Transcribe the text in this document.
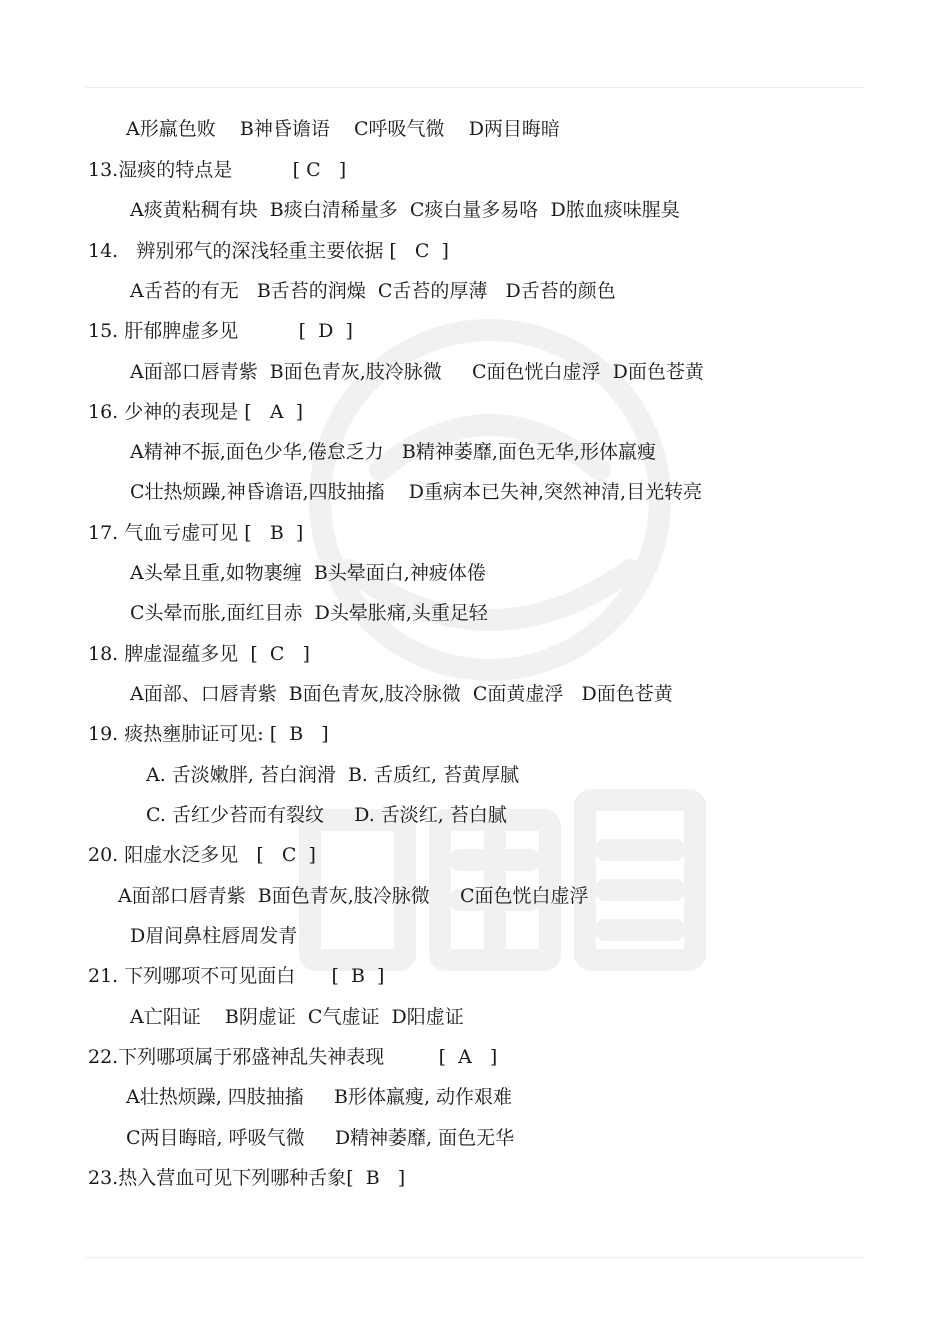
A形羸色败    B神昏谵语    C呼吸气微    D两目晦暗
13.湿痰的特点是          [ C   ]
A痰黄粘稠有块  B痰白清稀量多  C痰白量多易咯  D脓血痰味腥臭
14.   辨别邪气的深浅轻重主要依据 [   C  ]
A舌苔的有无   B舌苔的润燥  C舌苔的厚薄   D舌苔的颜色
15. 肝郁脾虚多见          [  D  ]
A面部口唇青紫  B面色青灰,肢冷脉微     C面色恍白虚浮  D面色苍黄
16. 少神的表现是 [   A  ]
A精神不振,面色少华,倦怠乏力   B精神萎靡,面色无华,形体羸瘦
C壮热烦躁,神昏谵语,四肢抽搐    D重病本已失神,突然神清,目光转亮
17. 气血亏虚可见 [   B  ]
A头晕且重,如物裹缠  B头晕面白,神疲体倦
C头晕而胀,面红目赤  D头晕胀痛,头重足轻
18. 脾虚湿蕴多见  [  C   ]
A面部、口唇青紫  B面色青灰,肢冷脉微  C面黄虚浮   D面色苍黄
19. 痰热壅肺证可见: [  B   ]
A. 舌淡嫩胖, 苔白润滑  B. 舌质红, 苔黄厚腻
C. 舌红少苔而有裂纹     D. 舌淡红, 苔白腻
20. 阳虚水泛多见   [   C  ]
A面部口唇青紫  B面色青灰,肢冷脉微     C面色恍白虚浮
D眉间鼻柱唇周发青
21. 下列哪项不可见面白      [  B  ]
A亡阳证    B阴虚证  C气虚证  D阳虚证
22.下列哪项属于邪盛神乱失神表现         [  A   ]
A壮热烦躁, 四肢抽搐     B形体羸瘦, 动作艰难
C两目晦暗, 呼吸气微     D精神萎靡, 面色无华
23.热入营血可见下列哪种舌象[  B   ]
